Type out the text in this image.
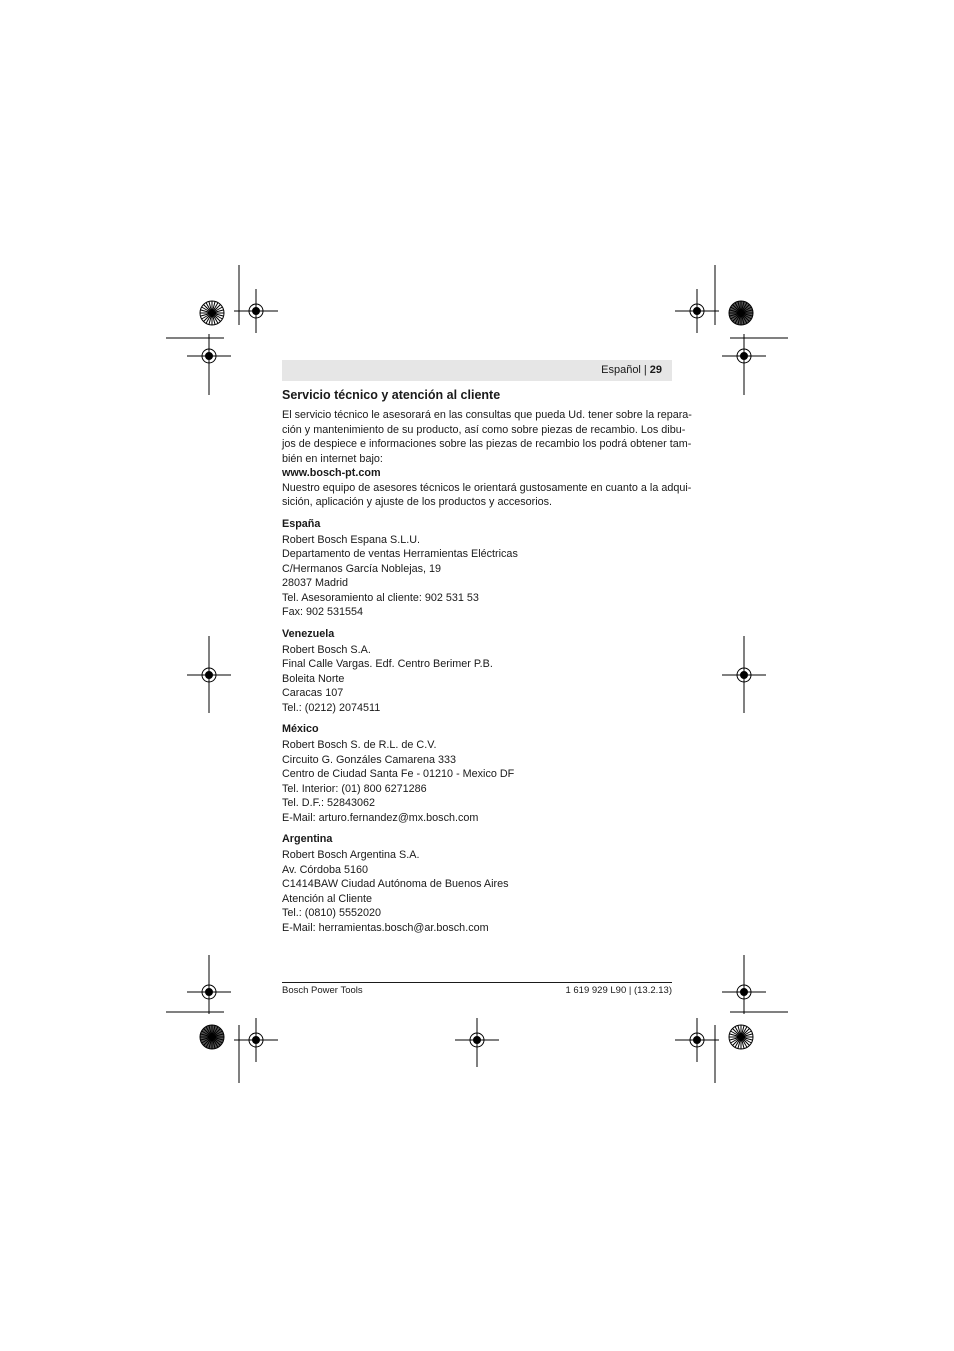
Español | 29
Servicio técnico y atención al cliente
El servicio técnico le asesorará en las consultas que pueda Ud. tener sobre la repara-
ción y mantenimiento de su producto, así como sobre piezas de recambio. Los dibu-
jos de despiece e informaciones sobre las piezas de recambio los podrá obtener tam-
bién en internet bajo:
www.bosch-pt.com
Nuestro equipo de asesores técnicos le orientará gustosamente en cuanto a la adqui-
sición, aplicación y ajuste de los productos y accesorios.
España
Robert Bosch Espana S.L.U.
Departamento de ventas Herramientas Eléctricas
C/Hermanos García Noblejas, 19
28037 Madrid
Tel. Asesoramiento al cliente: 902 531 53
Fax: 902 531554
Venezuela
Robert Bosch S.A.
Final Calle Vargas. Edf. Centro Berimer P.B.
Boleita Norte
Caracas 107
Tel.: (0212) 2074511
México
Robert Bosch S. de R.L. de C.V.
Circuito G. Gonzáles Camarena 333
Centro de Ciudad Santa Fe - 01210 - Mexico DF
Tel. Interior: (01) 800 6271286
Tel. D.F.: 52843062
E-Mail: arturo.fernandez@mx.bosch.com
Argentina
Robert Bosch Argentina S.A.
Av. Córdoba 5160
C1414BAW Ciudad Autónoma de Buenos Aires
Atención al Cliente
Tel.: (0810) 5552020
E-Mail: herramientas.bosch@ar.bosch.com
Bosch Power Tools	1 619 929 L90 | (13.2.13)
